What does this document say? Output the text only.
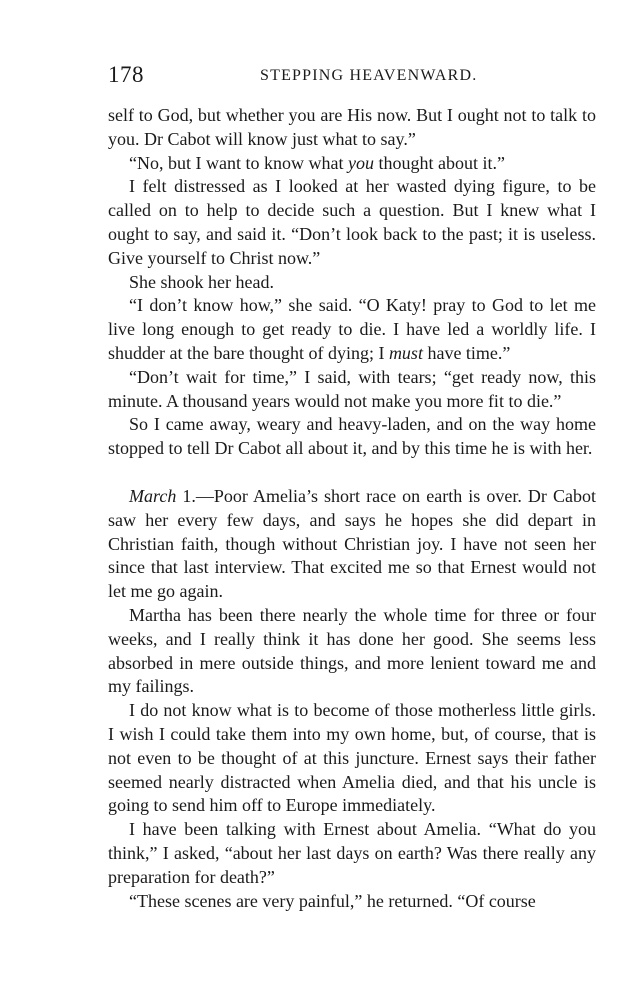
178	STEPPING HEAVENWARD.

self to God, but whether you are His now. But I ought not to talk to you. Dr Cabot will know just what to say.”

“No, but I want to know what you thought about it.”

I felt distressed as I looked at her wasted dying figure, to be called on to help to decide such a question. But I knew what I ought to say, and said it. “Don’t look back to the past; it is useless. Give yourself to Christ now.”

She shook her head.

“I don’t know how,” she said. “O Katy! pray to God to let me live long enough to get ready to die. I have led a worldly life. I shudder at the bare thought of dying; I must have time.”

“Don’t wait for time,” I said, with tears; “get ready now, this minute. A thousand years would not make you more fit to die.”

So I came away, weary and heavy-laden, and on the way home stopped to tell Dr Cabot all about it, and by this time he is with her.

March 1.—Poor Amelia’s short race on earth is over. Dr Cabot saw her every few days, and says he hopes she did depart in Christian faith, though without Christian joy. I have not seen her since that last interview. That excited me so that Ernest would not let me go again.

Martha has been there nearly the whole time for three or four weeks, and I really think it has done her good. She seems less absorbed in mere outside things, and more lenient toward me and my failings.

I do not know what is to become of those motherless little girls. I wish I could take them into my own home, but, of course, that is not even to be thought of at this juncture. Ernest says their father seemed nearly distracted when Amelia died, and that his uncle is going to send him off to Europe immediately.

I have been talking with Ernest about Amelia. “What do you think,” I asked, “about her last days on earth? Was there really any preparation for death?”

“These scenes are very painful,” he returned. “Of course
